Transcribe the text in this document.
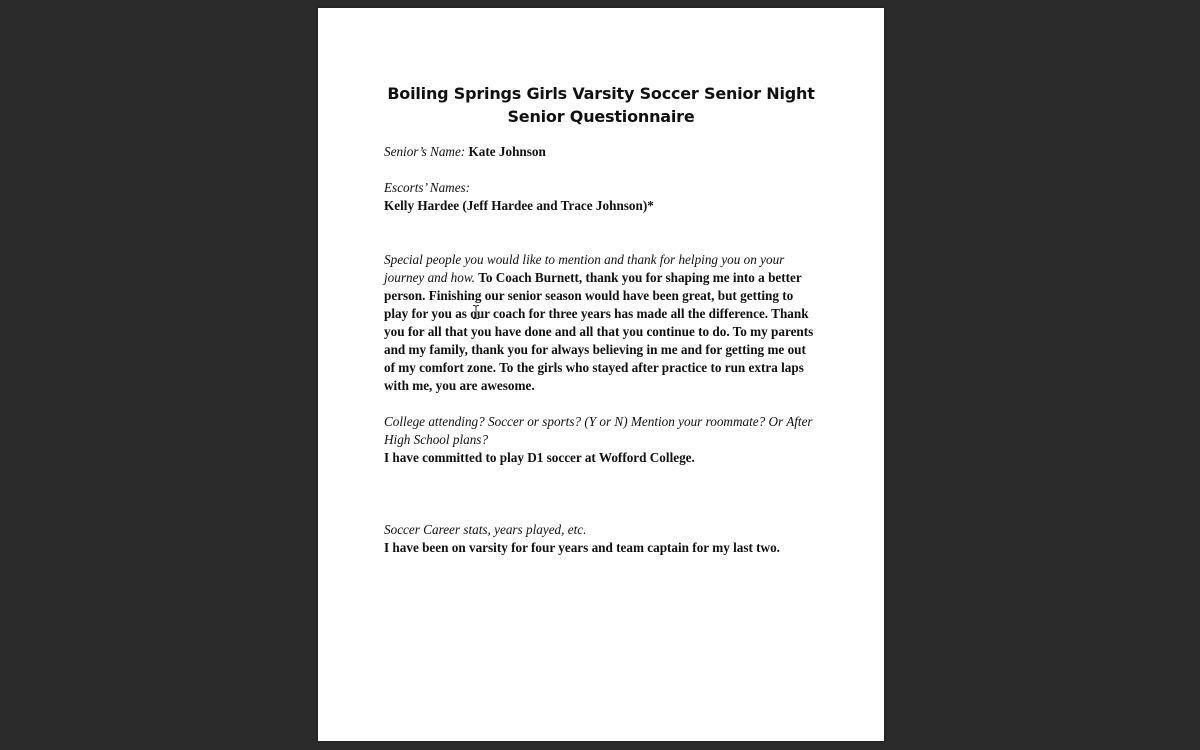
Boiling Springs Girls Varsity Soccer Senior Night
Senior Questionnaire
Senior’s Name: Kate Johnson
Escorts’ Names:
Kelly Hardee (Jeff Hardee and Trace Johnson)*
Special people you would like to mention and thank for helping you on your journey and how. To Coach Burnett, thank you for shaping me into a better person. Finishing our senior season would have been great, but getting to play for you as our coach for three years has made all the difference. Thank you for all that you have done and all that you continue to do. To my parents and my family, thank you for always believing in me and for getting me out of my comfort zone. To the girls who stayed after practice to run extra laps with me, you are awesome.
College attending? Soccer or sports? (Y or N) Mention your roommate? Or After High School plans?
I have committed to play D1 soccer at Wofford College.
Soccer Career stats, years played, etc.
I have been on varsity for four years and team captain for my last two.
